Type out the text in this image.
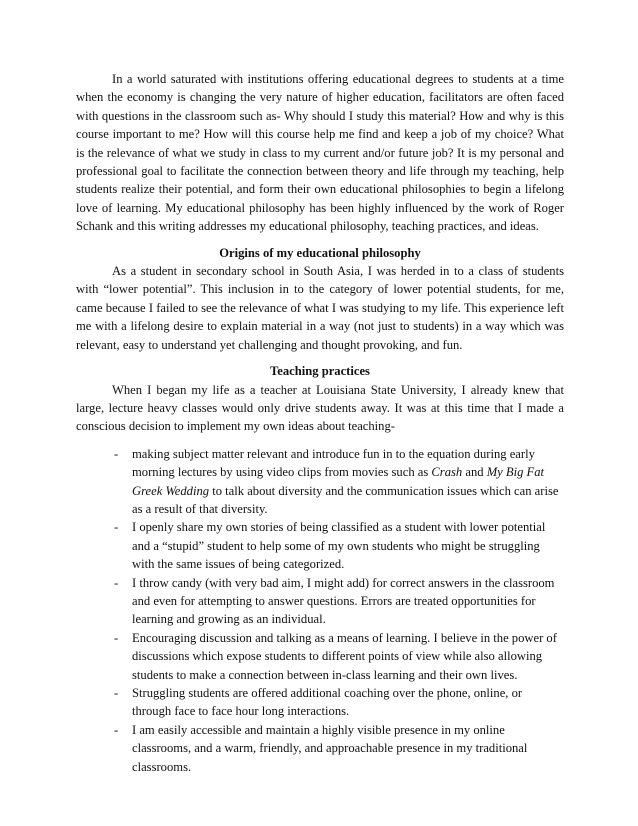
In a world saturated with institutions offering educational degrees to students at a time when the economy is changing the very nature of higher education, facilitators are often faced with questions in the classroom such as- Why should I study this material? How and why is this course important to me? How will this course help me find and keep a job of my choice? What is the relevance of what we study in class to my current and/or future job? It is my personal and professional goal to facilitate the connection between theory and life through my teaching, help students realize their potential, and form their own educational philosophies to begin a lifelong love of learning. My educational philosophy has been highly influenced by the work of Roger Schank and this writing addresses my educational philosophy, teaching practices, and ideas.

Origins of my educational philosophy

As a student in secondary school in South Asia, I was herded in to a class of students with “lower potential”. This inclusion in to the category of lower potential students, for me, came because I failed to see the relevance of what I was studying to my life. This experience left me with a lifelong desire to explain material in a way (not just to students) in a way which was relevant, easy to understand yet challenging and thought provoking, and fun.

Teaching practices

When I began my life as a teacher at Louisiana State University, I already knew that large, lecture heavy classes would only drive students away. It was at this time that I made a conscious decision to implement my own ideas about teaching-

- making subject matter relevant and introduce fun in to the equation during early morning lectures by using video clips from movies such as Crash and My Big Fat Greek Wedding to talk about diversity and the communication issues which can arise as a result of that diversity.
- I openly share my own stories of being classified as a student with lower potential and a “stupid” student to help some of my own students who might be struggling with the same issues of being categorized.
- I throw candy (with very bad aim, I might add) for correct answers in the classroom and even for attempting to answer questions. Errors are treated opportunities for learning and growing as an individual.
- Encouraging discussion and talking as a means of learning. I believe in the power of discussions which expose students to different points of view while also allowing students to make a connection between in-class learning and their own lives.
- Struggling students are offered additional coaching over the phone, online, or through face to face hour long interactions.
- I am easily accessible and maintain a highly visible presence in my online classrooms, and a warm, friendly, and approachable presence in my traditional classrooms.
